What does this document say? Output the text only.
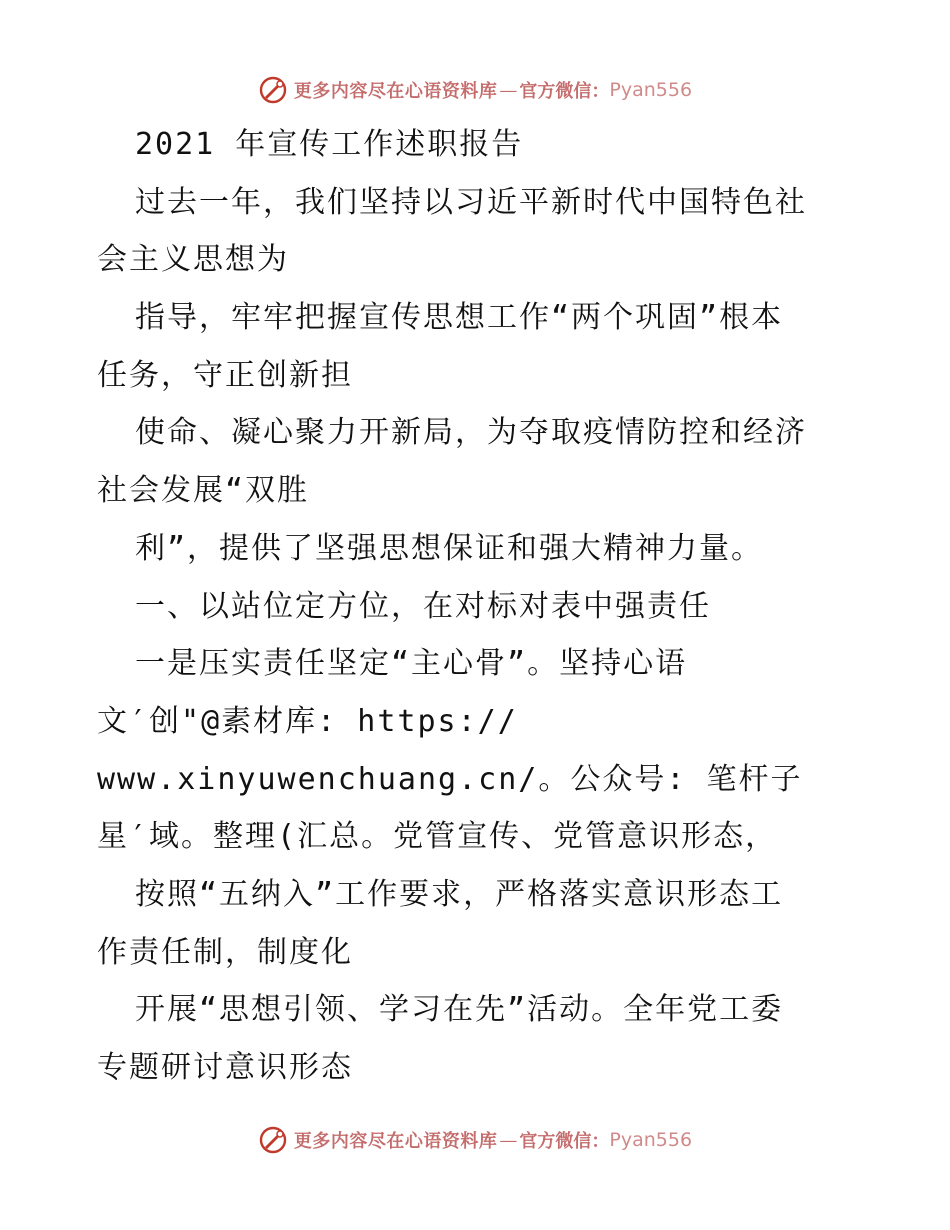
更多内容尽在心语资料库 — 官方微信： Pyan556
2021 年宣传工作述职报告
过去一年，我们坚持以习近平新时代中国特色社
会主义思想为
指导，牢牢把握宣传思想工作“两个巩固”根本
任务，守正创新担
使命、凝心聚力开新局，为夺取疫情防控和经济
社会发展“双胜
利”，提供了坚强思想保证和强大精神力量。
一、以站位定方位，在对标对表中强责任
一是压实责任坚定“主心骨”。坚持心语
文′创"@素材库: https://
www.xinyuwenchuang.cn/。公众号: 笔杆子
星′域。整理(汇总。党管宣传、党管意识形态，
按照“五纳入”工作要求，严格落实意识形态工
作责任制，制度化
开展“思想引领、学习在先”活动。全年党工委
专题研讨意识形态
更多内容尽在心语资料库 — 官方微信： Pyan556
